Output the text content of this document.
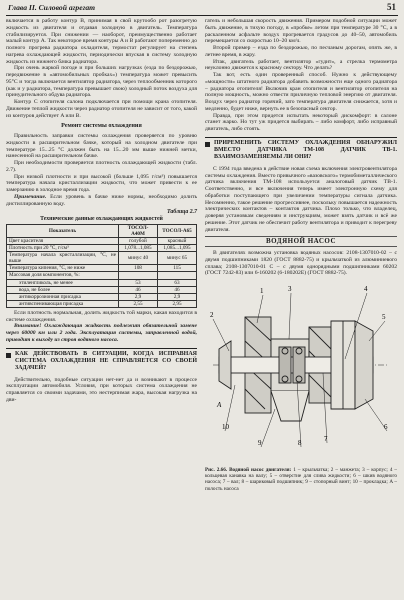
Глава II. Силовой агрегат	51

включается в работу контур B, принимая в свой крутообо рот разогретую жидкость из двигателя и отдавая холодную в двигатель. Температура стабилизируется. При снижении — наоборот, преимущественно работает малый контур A. Так некоторое время контуры A и B работают попеременно до полного прогрева радиатора охладителя, термостат регулирует на степень нагрева охлаждающей жидкости, периодически впуская в систему холодную жидкость из нижнего бачка радиатора.

При очень жаркой погоде и при больших нагрузках (езда по бездорожью, передвижение в «автомобильных пробках») температура может превысить 95°С и тогда включается вентилятор радиатора, через теплообменник которого (как и у радиатора, температура превышает свою) холодный поток воздуха для принудительного обдува радиатора.

Контур C отопителя салона подключается при помощи крана отопителя. Движение теплой жидкости через радиатор отопителя не зависит от того, какой из контуров действует A или B.

Ремонт системы охлаждения

Правильность заправки системы охлаждения проверяется по уровню жидкости в расширительном бачке, который на холодном двигателе при температуре 15...25 °С должен быть на 15...20 мм выше нижней метки, нанесенной на расширительном бачке.

При необходимости проверяется плотность охлаждающей жидкости (табл. 2.7).

При низкой плотности и при высокой (больше 1,095 г/см³) повышается температура начала кристаллизации жидкости, что может привести к ее замерзанию в холодное время года.

Примечание. Если уровень в бачке ниже нормы, необходимо долить дистиллированную воду.

Таблица 2.7
Технические данные охлаждающих жидкостей
Показатель	ТОСОЛ-А40М	ТОСОЛ-А65
Цвет красителя	голубой	красный
Плотность при 20 °С, г/см³	1,078...1,085	1,085...1,095
Температура начала кристаллизации, °С, не выше	минус 40	минус 65
Температура кипения, °С, не ниже	108	115
Массовая доля компонентов, %:		
этиленгликоль, не менее	53	63
вода, не более	46	46
антикоррозионная присадка	2,9	2,9
антивспенивающая присадка	2,55	2,95

Если плотность нормальная, долить жидкость той марки, какая находится в системе охлаждения.

Внимание! Охлаждающая жидкость подлежит обязательной замене через 60000 км или 2 года. Эксплуатация системы, заправленной водой, приводит к выходу из строя водяного насоса.

КАК ДЕЙСТВОВАТЬ В СИТУАЦИИ, КОГДА ИСПРАВНАЯ СИСТЕМА ОХЛАЖДЕНИЯ НЕ СПРАВЛЯЕТСЯ СО СВОЕЙ ЗАДАЧЕЙ?

Действительно, подобные ситуации нет-нет да и возникают в процессе эксплуатации автомобиля. Условия, при которых система охлаждения не справляется со своими задачами, это нестерпимая жара, высокая нагрузка на дви-

гатель и небольшая скорость движения. Примером подобной ситуации может быть движение, в тихую погоду, в «пробке» летом при температуре 30 °С, а в раскаленном асфальте воздух прогревается градусов до 40–50, автомобиль перемещается со скоростью 10–20 км/ч.

Второй пример – езда по бездорожью, по песчаным дорогам, опять же, в летнее время, в жару.

Итак, двигатель работает, вентилятор «гудит», а стрелка термометра неуклонно движется к красному сектору. Что делать?

Так вот, есть один проверенный способ. Нужно к действующему «мощности» штатного радиатора добавить возможности еще одного радиатора – радиатора отопителя! Включив кран отопителя и вентилятор отопителя на полную мощность, можно отвести приличную тепловой энергию от двигателя. Воздух через радиатор горячий, зато температура двигателя снижается, хотя и медленно, будет ниже, вернуть ее в безопасный сектор.

Правда, при этом придется испытать некоторый дискомфорт: в салоне станет жарко. Но тут уж придется выбирать – либо комфорт, либо исправный двигатель, либо стоять.

ПРИРЕМЕНИТЬ СИСТЕМУ ОХЛАЖДЕНИЯ ОБНАРУЖИЛ ВМЕСТО ДАТЧИКА ТМ-108 ДАТЧИК ТВ-1. ВЗАИМОЗАМЕНЯЕМЫ ЛИ ОНИ?

С 1994 года введена в действие новая схема включения электровентилятора системы охлаждения. Вместо привычного «вазовского» термобиметаллического датчика включения ТМ-108 используется аналоговый датчик ТВ-1. Соответственно, и все включения теперь имеет электронную схему для обработки поступающего при увеличении температуры сигнала датчика. Несомненно, такое решение прогрессивнее, поскольку повышается надежность электрических контактов – контактов датчика. Плохо только, что владелец, доверяя установкам сведениям и инструкциям, может взять датчик и всё же решение. Этот датчик не обеспечит работу вентилятора и приводит к перегреву двигателя.

ВОДЯНОЙ НАСОС

В двигателях возможна установка водяных насосов: 2108-1307010-02 – с двумя подшипниками 1820 (ГОСТ 8882-75) и крыльчаткой из алюминиевого сплава; 2108-1307010-01 С – с двумя однорядными подшипниками 60202 (ГОСТ 7242-83) или 6-160202 (6-180202Е) (ГОСТ 8882-75).

1
2
3	4
5
6
7
8
9
10
A
Рис. 2.66. Водяной насос двигателя: 1 – крыльчатка; 2 – манжета; 3 – корпус; 4 – кольцевая канавка на валу; 5 – отверстие для слива жидкости; 6 – шкив водяного насоса; 7 – вал; 8 – шариковый подшипник; 9 – стопорный винт; 10 – прокладка; A – полость насоса
